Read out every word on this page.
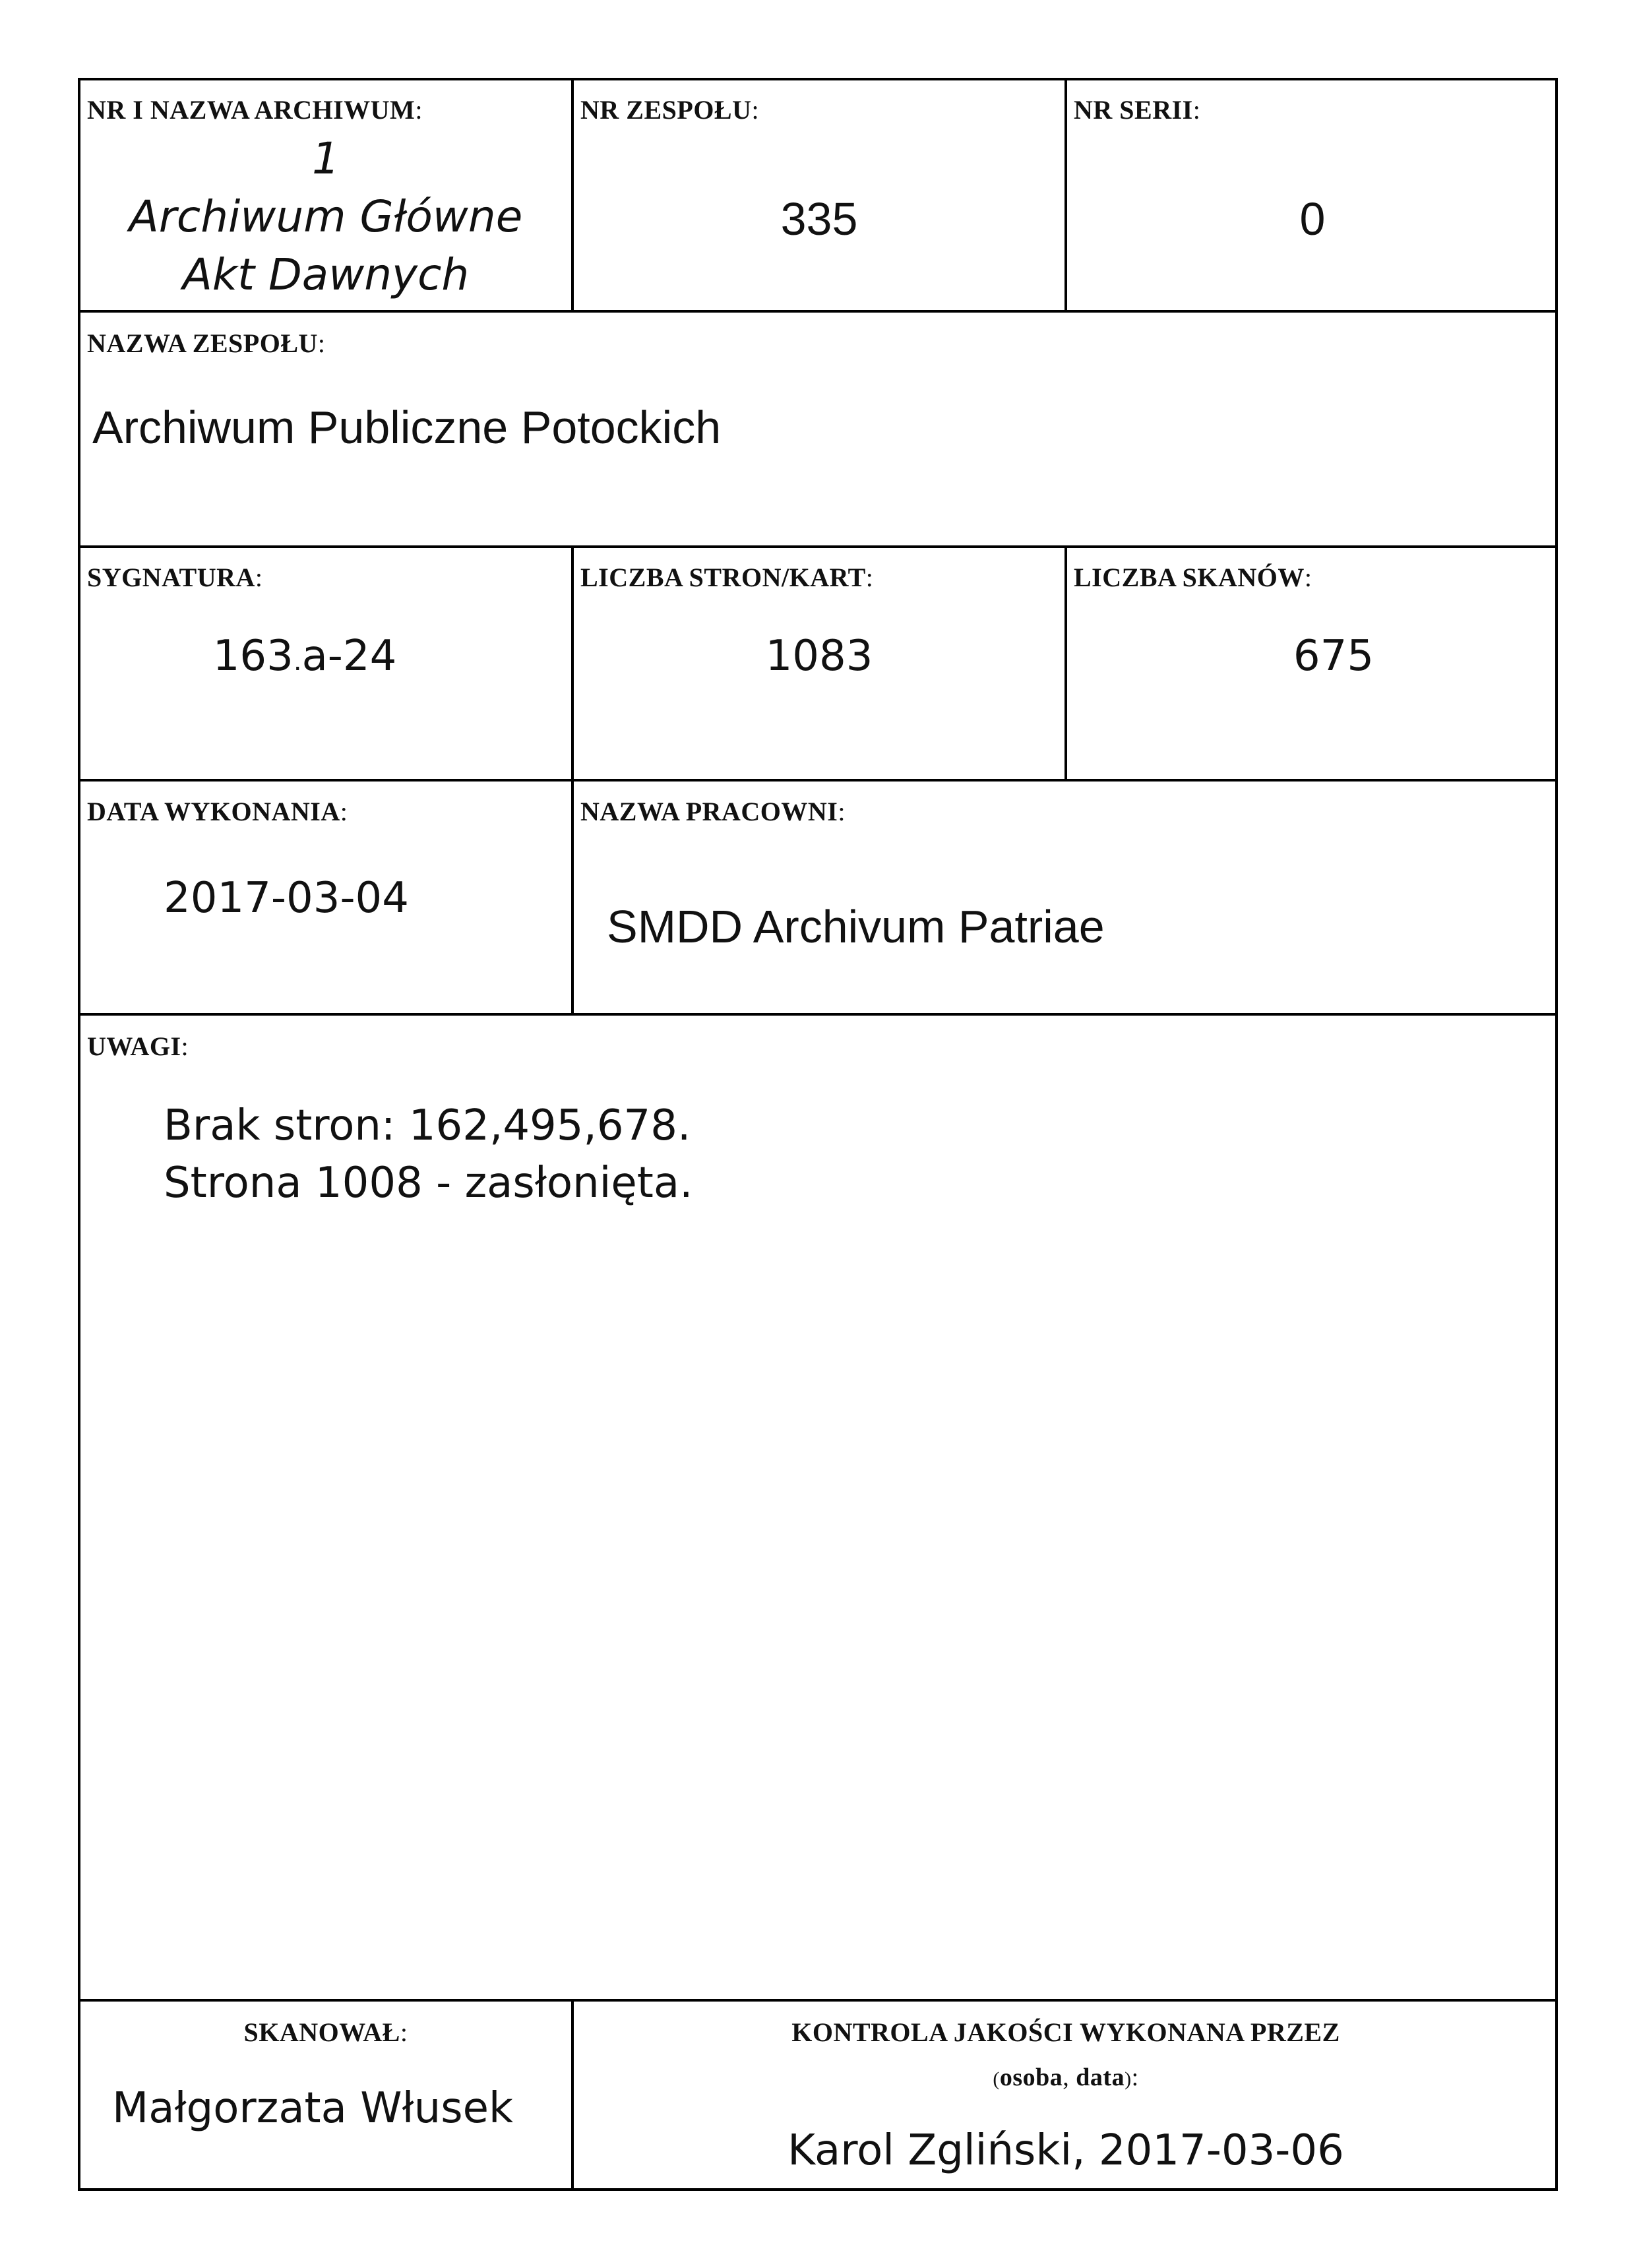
NR I NAZWA ARCHIWUM:
1
Archiwum Główne
Akt Dawnych
NR ZESPOŁU:
335
NR SERII:
0
NAZWA ZESPOŁU:
Archiwum Publiczne Potockich
SYGNATURA:
163.a-24
LICZBA STRON/KART:
1083
LICZBA SKANÓW:
675
DATA WYKONANIA:
2017-03-04
NAZWA PRACOWNI:
SMDD Archivum Patriae
UWAGI:
Brak stron: 162,495,678.
Strona 1008 - zasłonięta.
SKANOWAŁ:
Małgorzata Włusek
KONTROLA JAKOŚCI WYKONANA PRZEZ
(osoba, data):
Karol Zgliński, 2017-03-06
